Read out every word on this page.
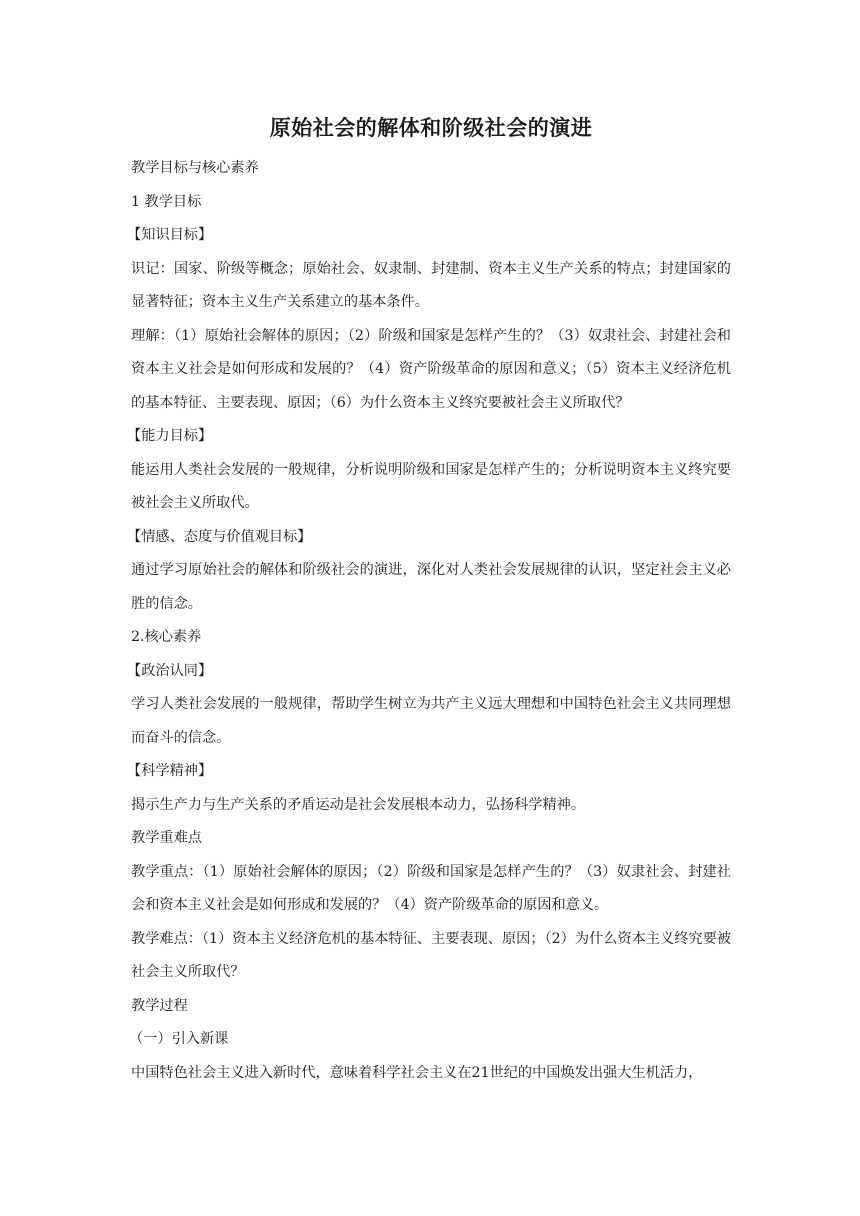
原始社会的解体和阶级社会的演进

教学目标与核心素养

1 教学目标

【知识目标】

识记：国家、阶级等概念；原始社会、奴隶制、封建制、资本主义生产关系的特点；封建国家的显著特征；资本主义生产关系建立的基本条件。

理解：（1）原始社会解体的原因；（2）阶级和国家是怎样产生的？（3）奴隶社会、封建社会和资本主义社会是如何形成和发展的？（4）资产阶级革命的原因和意义；（5）资本主义经济危机的基本特征、主要表现、原因；（6）为什么资本主义终究要被社会主义所取代？

【能力目标】

能运用人类社会发展的一般规律，分析说明阶级和国家是怎样产生的；分析说明资本主义终究要被社会主义所取代。

【情感、态度与价值观目标】

通过学习原始社会的解体和阶级社会的演进，深化对人类社会发展规律的认识，坚定社会主义必胜的信念。

2.核心素养

【政治认同】

学习人类社会发展的一般规律，帮助学生树立为共产主义远大理想和中国特色社会主义共同理想而奋斗的信念。

【科学精神】

揭示生产力与生产关系的矛盾运动是社会发展根本动力，弘扬科学精神。

教学重难点

教学重点：（1）原始社会解体的原因；（2）阶级和国家是怎样产生的？（3）奴隶社会、封建社会和资本主义社会是如何形成和发展的？（4）资产阶级革命的原因和意义。

教学难点：（1）资本主义经济危机的基本特征、主要表现、原因；（2）为什么资本主义终究要被社会主义所取代？

教学过程

（一）引入新课

中国特色社会主义进入新时代，意味着科学社会主义在21世纪的中国焕发出强大生机活力，
